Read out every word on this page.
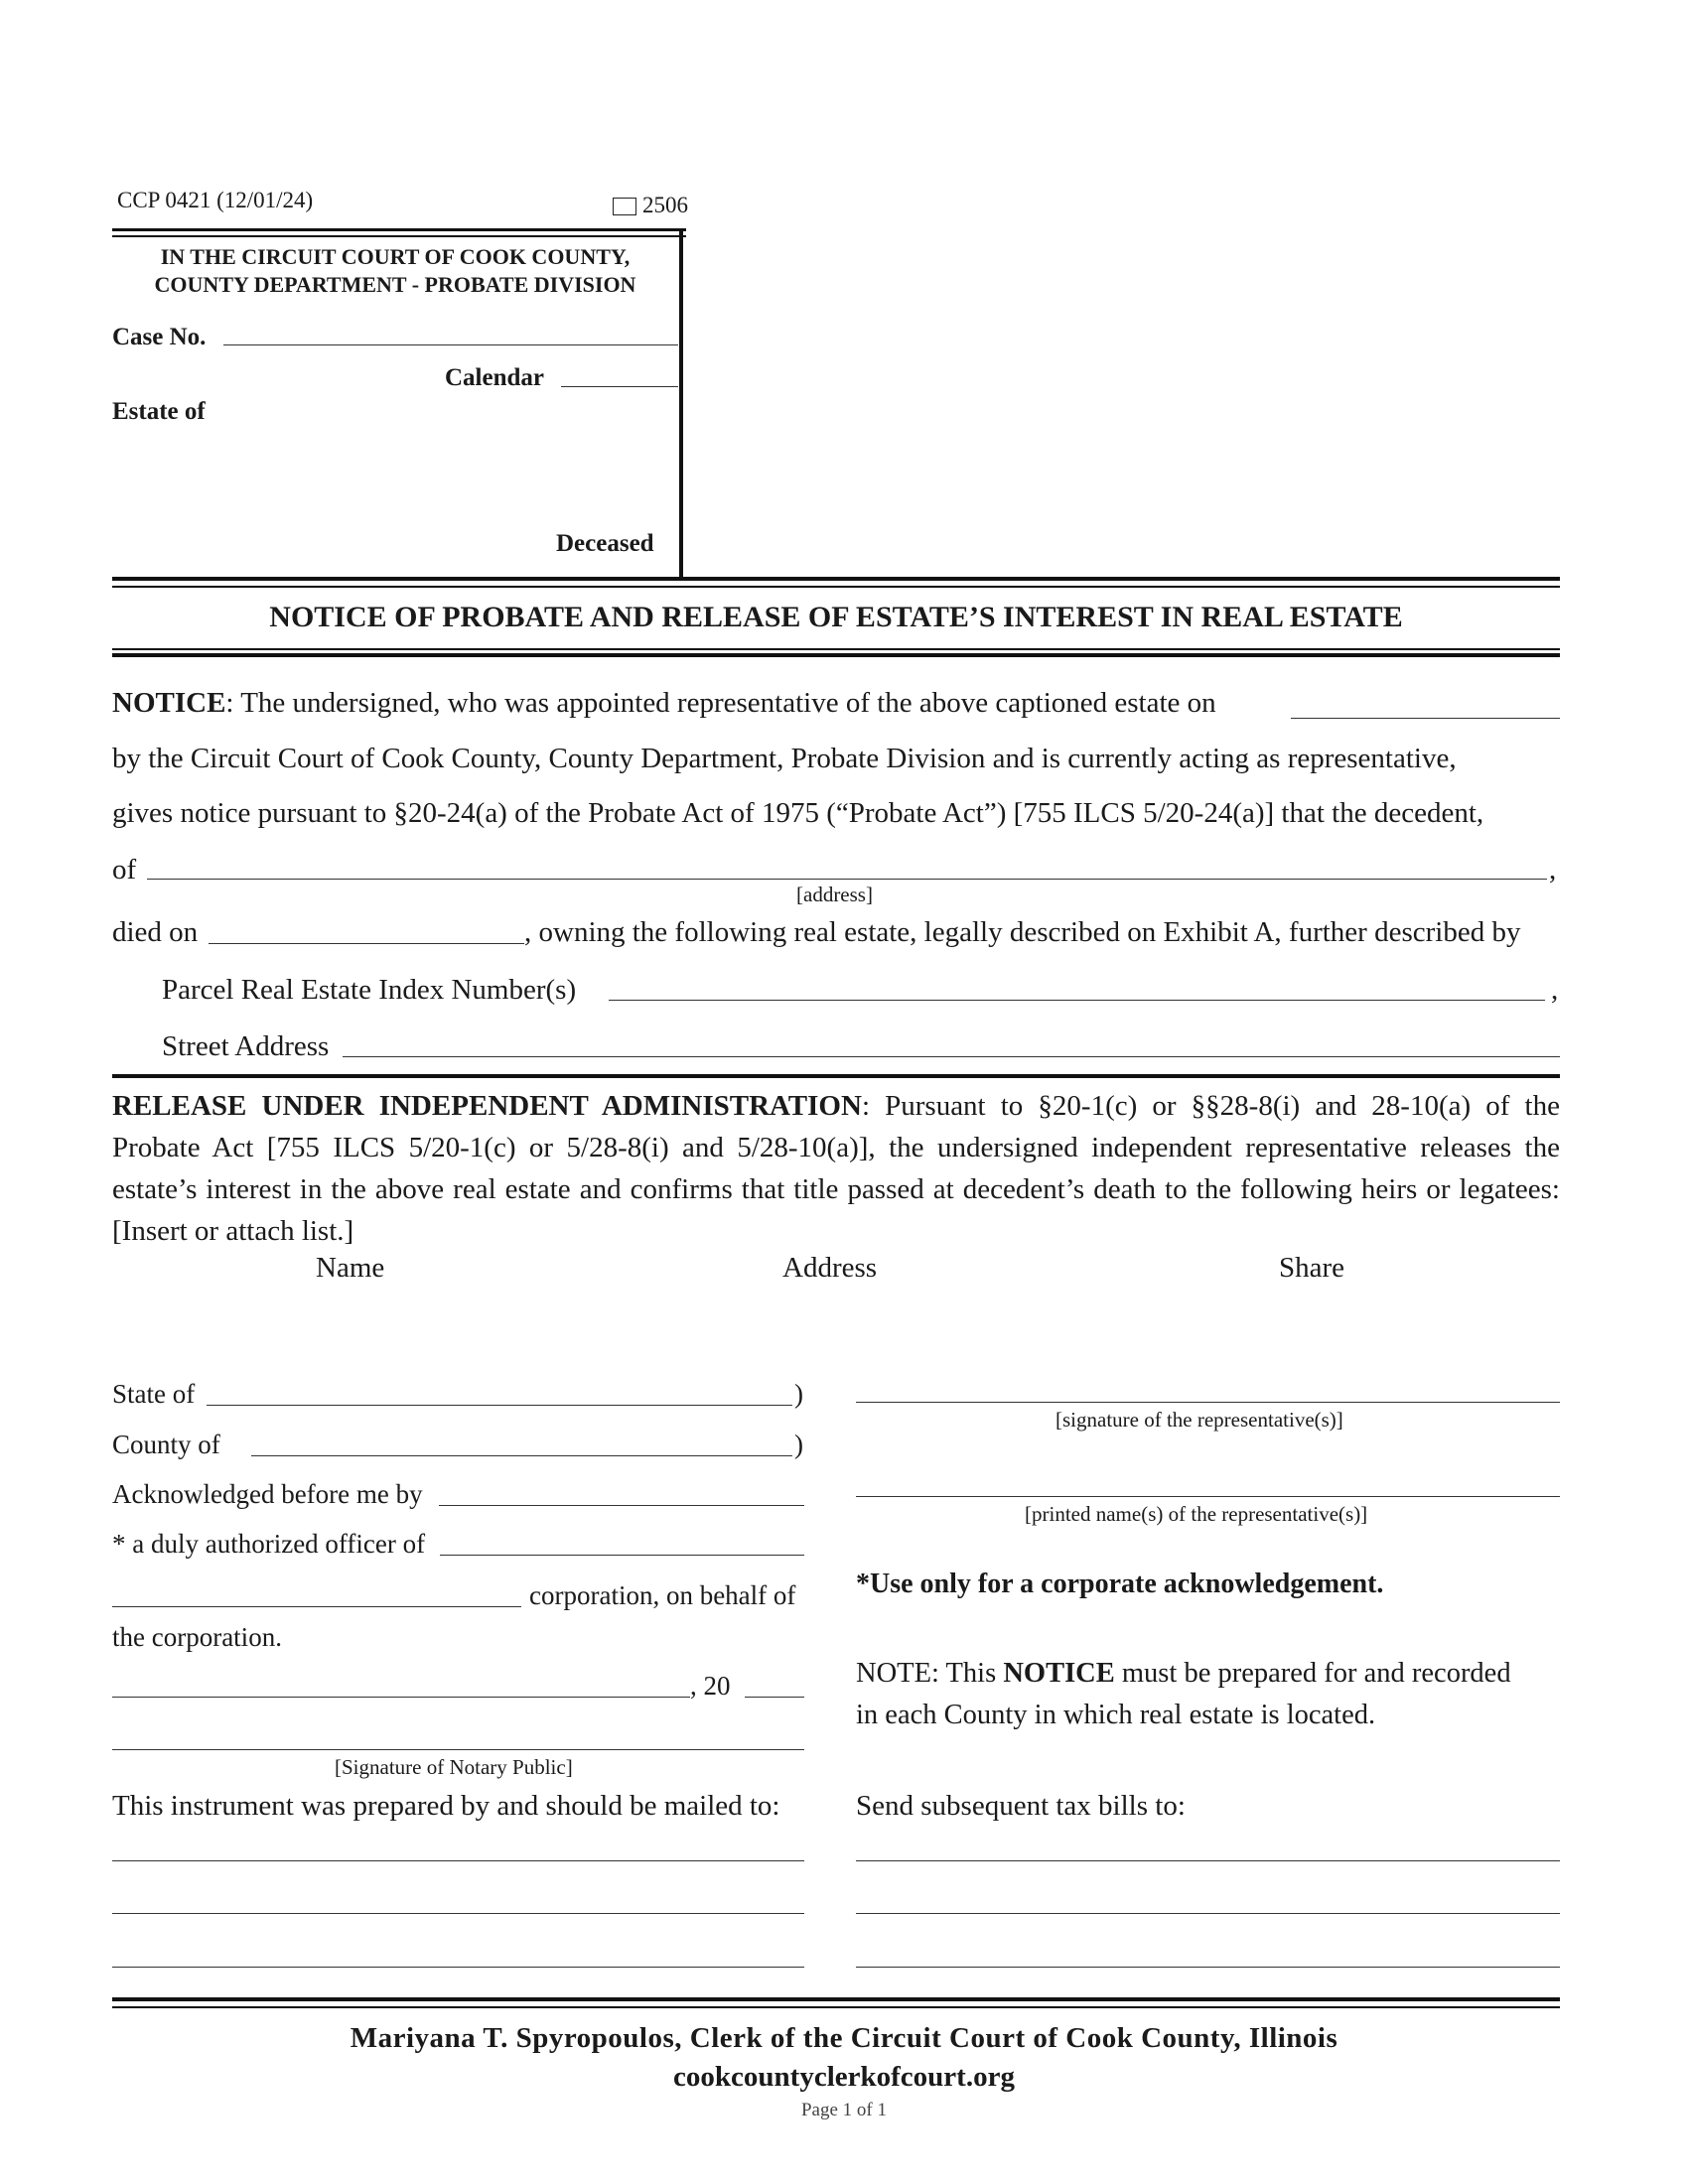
CCP 0421 (12/01/24)	2506
IN THE CIRCUIT COURT OF COOK COUNTY,
COUNTY DEPARTMENT - PROBATE DIVISION
Case No.
Calendar
Estate of
Deceased
NOTICE OF PROBATE AND RELEASE OF ESTATE’S INTEREST IN REAL ESTATE
NOTICE: The undersigned, who was appointed representative of the above captioned estate on
by the Circuit Court of Cook County, County Department, Probate Division and is currently acting as representative,
gives notice pursuant to §20-24(a) of the Probate Act of 1975 (“Probate Act”) [755 ILCS 5/20-24(a)] that the decedent,
of	,
[address]
died on	, owning the following real estate, legally described on Exhibit A, further described by
Parcel Real Estate Index Number(s)	,
Street Address
RELEASE UNDER INDEPENDENT ADMINISTRATION: Pursuant to §20-1(c) or §§28-8(i) and 28-10(a) of the Probate Act [755 ILCS 5/20-1(c) or 5/28-8(i) and 5/28-10(a)], the undersigned independent representative releases the estate’s interest in the above real estate and confirms that title passed at decedent’s death to the following heirs or legatees: [Insert or attach list.]
Name	Address	Share
State of	)
County of	)
Acknowledged before me by
* a duly authorized officer of
corporation, on behalf of
the corporation.
, 20
[Signature of Notary Public]
This instrument was prepared by and should be mailed to:
[signature of the representative(s)]
[printed name(s) of the representative(s)]
*Use only for a corporate acknowledgement.
NOTE: This NOTICE must be prepared for and recorded
in each County in which real estate is located.
Send subsequent tax bills to:
Mariyana T. Spyropoulos, Clerk of the Circuit Court of Cook County, Illinois
cookcountyclerkofcourt.org
Page 1 of 1
